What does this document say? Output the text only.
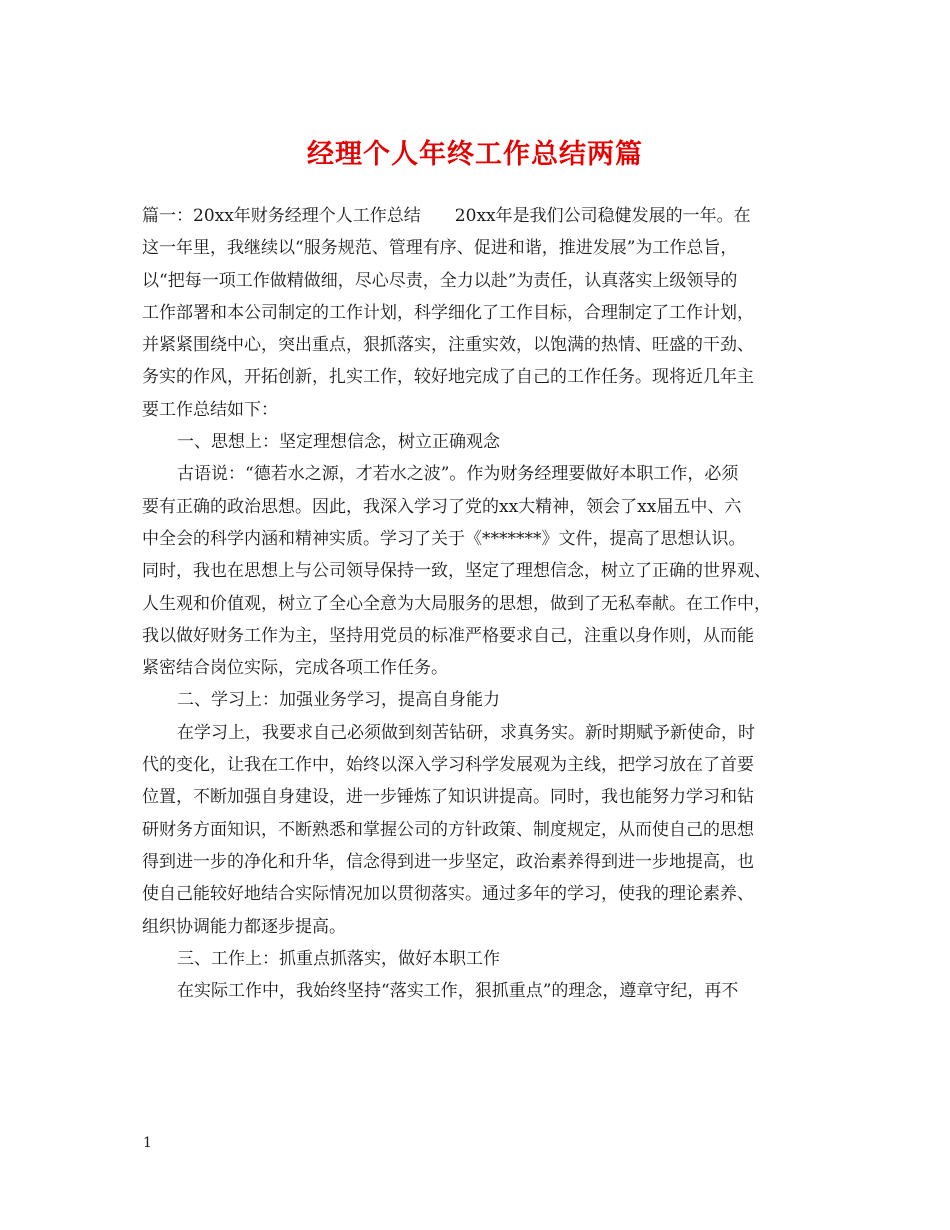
经理个人年终工作总结两篇
篇一：20xx年财务经理个人工作总结　　20xx年是我们公司稳健发展的一年。在
这一年里，我继续以“服务规范、管理有序、促进和谐，推进发展”为工作总旨，
以“把每一项工作做精做细，尽心尽责，全力以赴”为责任，认真落实上级领导的
工作部署和本公司制定的工作计划，科学细化了工作目标，合理制定了工作计划，
并紧紧围绕中心，突出重点，狠抓落实，注重实效，以饱满的热情、旺盛的干劲、
务实的作风，开拓创新，扎实工作，较好地完成了自己的工作任务。现将近几年主
要工作总结如下：
一、思想上：坚定理想信念，树立正确观念
古语说：“德若水之源，才若水之波”。作为财务经理要做好本职工作，必须
要有正确的政治思想。因此，我深入学习了党的xx大精神，领会了xx届五中、六
中全会的科学内涵和精神实质。学习了关于《*******》文件，提高了思想认识。
同时，我也在思想上与公司领导保持一致，坚定了理想信念，树立了正确的世界观、
人生观和价值观，树立了全心全意为大局服务的思想，做到了无私奉献。在工作中，
我以做好财务工作为主，坚持用党员的标准严格要求自己，注重以身作则，从而能
紧密结合岗位实际，完成各项工作任务。
二、学习上：加强业务学习，提高自身能力
在学习上，我要求自己必须做到刻苦钻研，求真务实。新时期赋予新使命，时
代的变化，让我在工作中，始终以深入学习科学发展观为主线，把学习放在了首要
位置，不断加强自身建设，进一步锤炼了知识讲提高。同时，我也能努力学习和钻
研财务方面知识，不断熟悉和掌握公司的方针政策、制度规定，从而使自己的思想
得到进一步的净化和升华，信念得到进一步坚定，政治素养得到进一步地提高，也
使自己能较好地结合实际情况加以贯彻落实。通过多年的学习，使我的理论素养、
组织协调能力都逐步提高。
三、工作上：抓重点抓落实，做好本职工作
在实际工作中，我始终坚持“落实工作，狠抓重点”的理念，遵章守纪，再不
1
